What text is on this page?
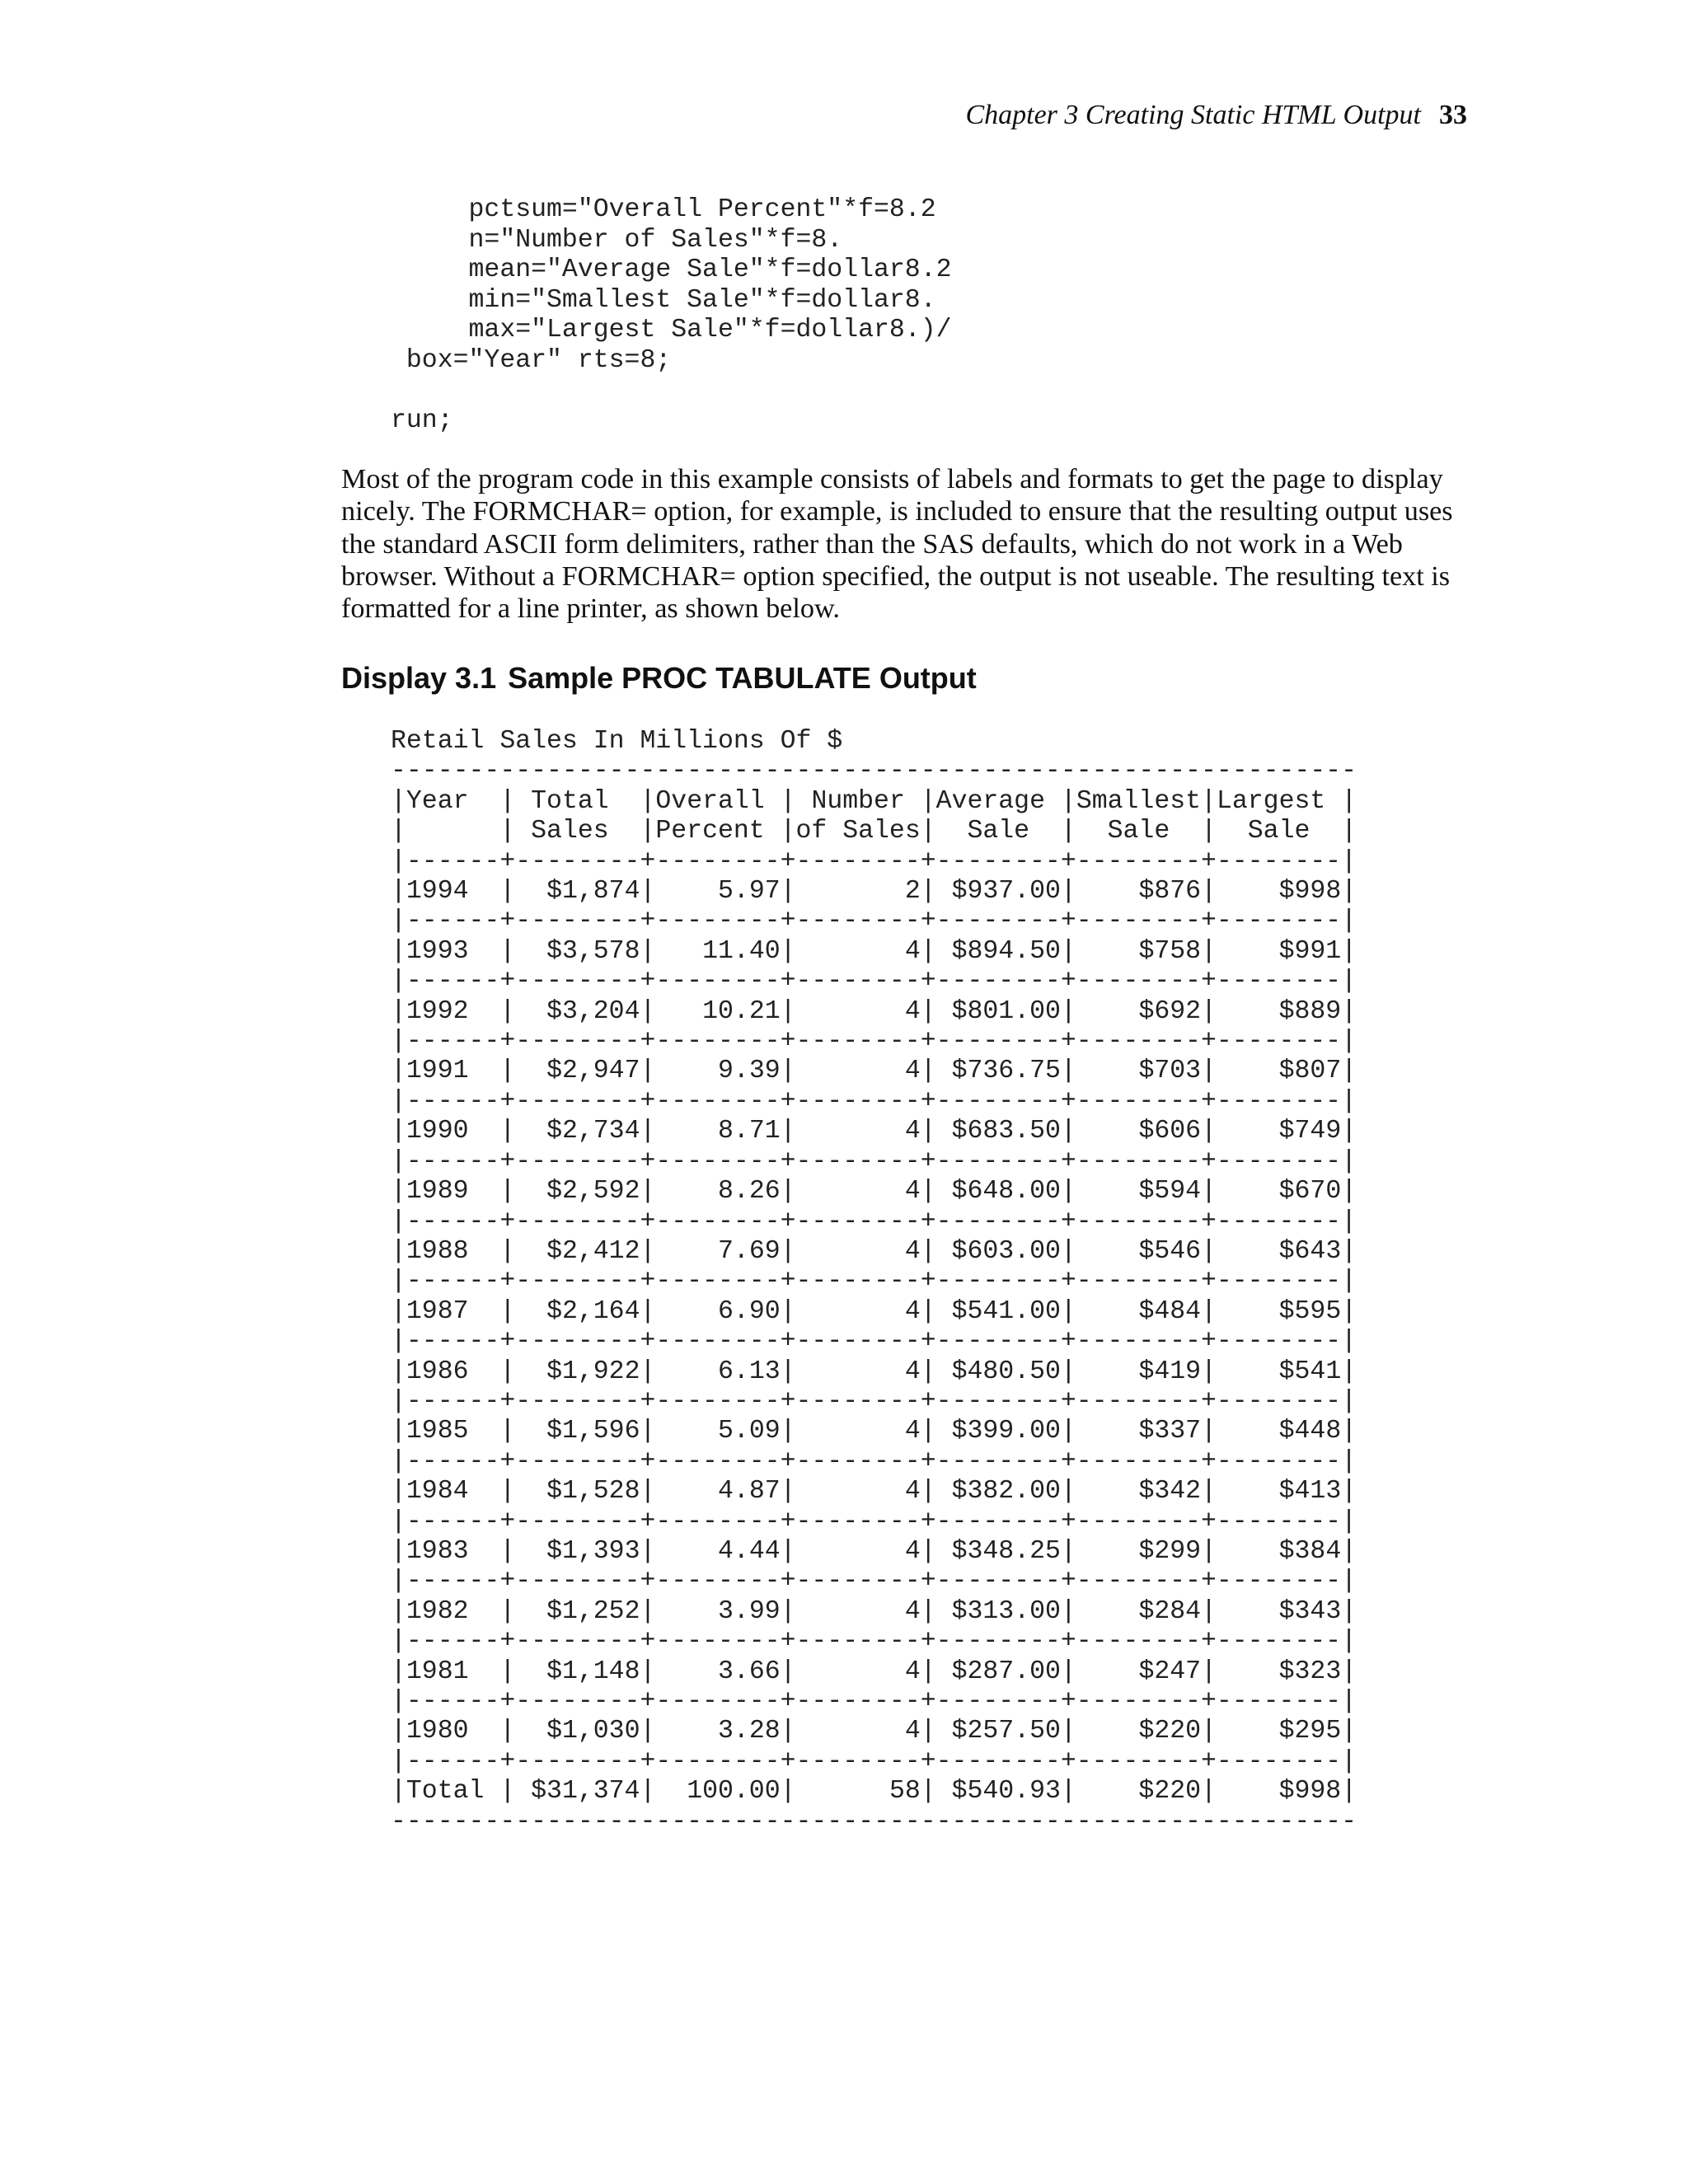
Chapter 3 Creating Static HTML Output 33
pctsum="Overall Percent"*f=8.2
n="Number of Sales"*f=8.
mean="Average Sale"*f=dollar8.2
min="Smallest Sale"*f=dollar8.
max="Largest Sale"*f=dollar8.)/
box="Year" rts=8;

run;

Most of the program code in this example consists of labels and formats to get the page to display nicely. The FORMCHAR= option, for example, is included to ensure that the resulting output uses the standard ASCII form delimiters, rather than the SAS defaults, which do not work in a Web browser. Without a FORMCHAR= option specified, the output is not useable. The resulting text is formatted for a line printer, as shown below.

Display 3.1 Sample PROC TABULATE Output
Retail Sales In Millions Of $
--------------------------------------------------------------
|Year | Total |Overall | Number |Average |Smallest|Largest |
|	| Sales |Percent |of Sales| Sale | Sale | Sale |
|------+--------+--------+--------+--------+--------+--------|
|1994 | $1,874| 5.97|	2| $937.00| $876| $998|
|------+--------+--------+--------+--------+--------+--------|
|1993 | $3,578| 11.40|	4| $894.50| $758| $991|
|------+--------+--------+--------+--------+--------+--------|
|1992 | $3,204| 10.21|	4| $801.00| $692| $889|
|------+--------+--------+--------+--------+--------+--------|
|1991 | $2,947| 9.39|	4| $736.75| $703| $807|
|------+--------+--------+--------+--------+--------+--------|
|1990 | $2,734| 8.71|	4| $683.50| $606| $749|
|------+--------+--------+--------+--------+--------+--------|
|1989 | $2,592| 8.26|	4| $648.00| $594| $670|
|------+--------+--------+--------+--------+--------+--------|
|1988 | $2,412| 7.69|	4| $603.00| $546| $643|
|------+--------+--------+--------+--------+--------+--------|
|1987 | $2,164| 6.90|	4| $541.00| $484| $595|
|------+--------+--------+--------+--------+--------+--------|
|1986 | $1,922| 6.13|	4| $480.50| $419| $541|
|------+--------+--------+--------+--------+--------+--------|
|1985 | $1,596| 5.09|	4| $399.00| $337| $448|
|------+--------+--------+--------+--------+--------+--------|
|1984 | $1,528| 4.87|	4| $382.00| $342| $413|
|------+--------+--------+--------+--------+--------+--------|
|1983 | $1,393| 4.44|	4| $348.25| $299| $384|
|------+--------+--------+--------+--------+--------+--------|
|1982 | $1,252| 3.99|	4| $313.00| $284| $343|
|------+--------+--------+--------+--------+--------+--------|
|1981 | $1,148| 3.66|	4| $287.00| $247| $323|
|------+--------+--------+--------+--------+--------+--------|
|1980 | $1,030| 3.28|	4| $257.50| $220| $295|
|------+--------+--------+--------+--------+--------+--------|
|Total | $31,374| 100.00|	58| $540.93| $220| $998|
--------------------------------------------------------------
